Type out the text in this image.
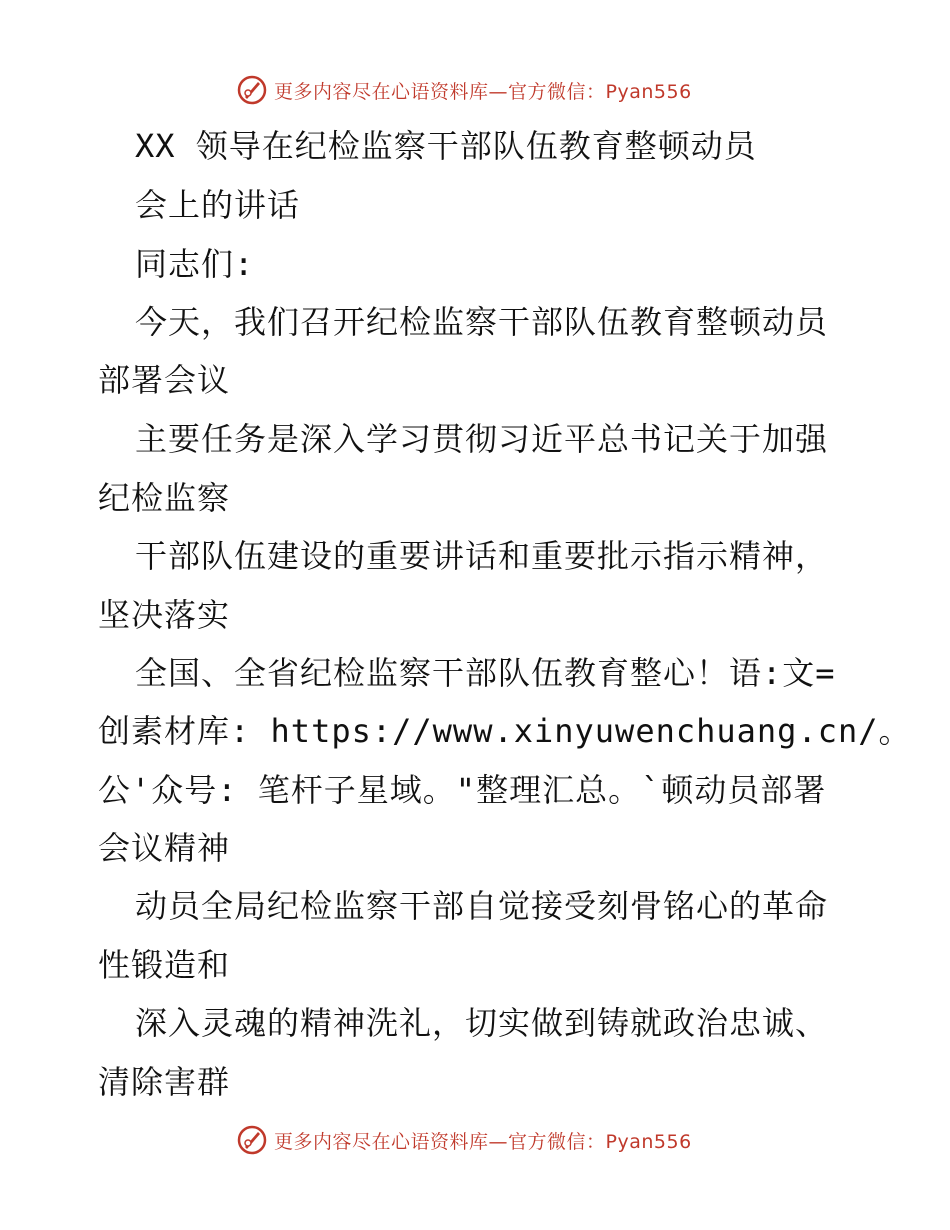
更多内容尽在心语资料库—官方微信：Pyan556
XX 领导在纪检监察干部队伍教育整顿动员
会上的讲话
同志们:
今天，我们召开纪检监察干部队伍教育整顿动员
部署会议
主要任务是深入学习贯彻习近平总书记关于加强
纪检监察
干部队伍建设的重要讲话和重要批示指示精神，
坚决落实
全国、全省纪检监察干部队伍教育整心！语:文=
创素材库: https://www.xinyuwenchuang.cn/。
公'众号: 笔杆子星域。"整理汇总。`顿动员部署
会议精神
动员全局纪检监察干部自觉接受刻骨铭心的革命
性锻造和
深入灵魂的精神洗礼，切实做到铸就政治忠诚、
清除害群
更多内容尽在心语资料库—官方微信：Pyan556
